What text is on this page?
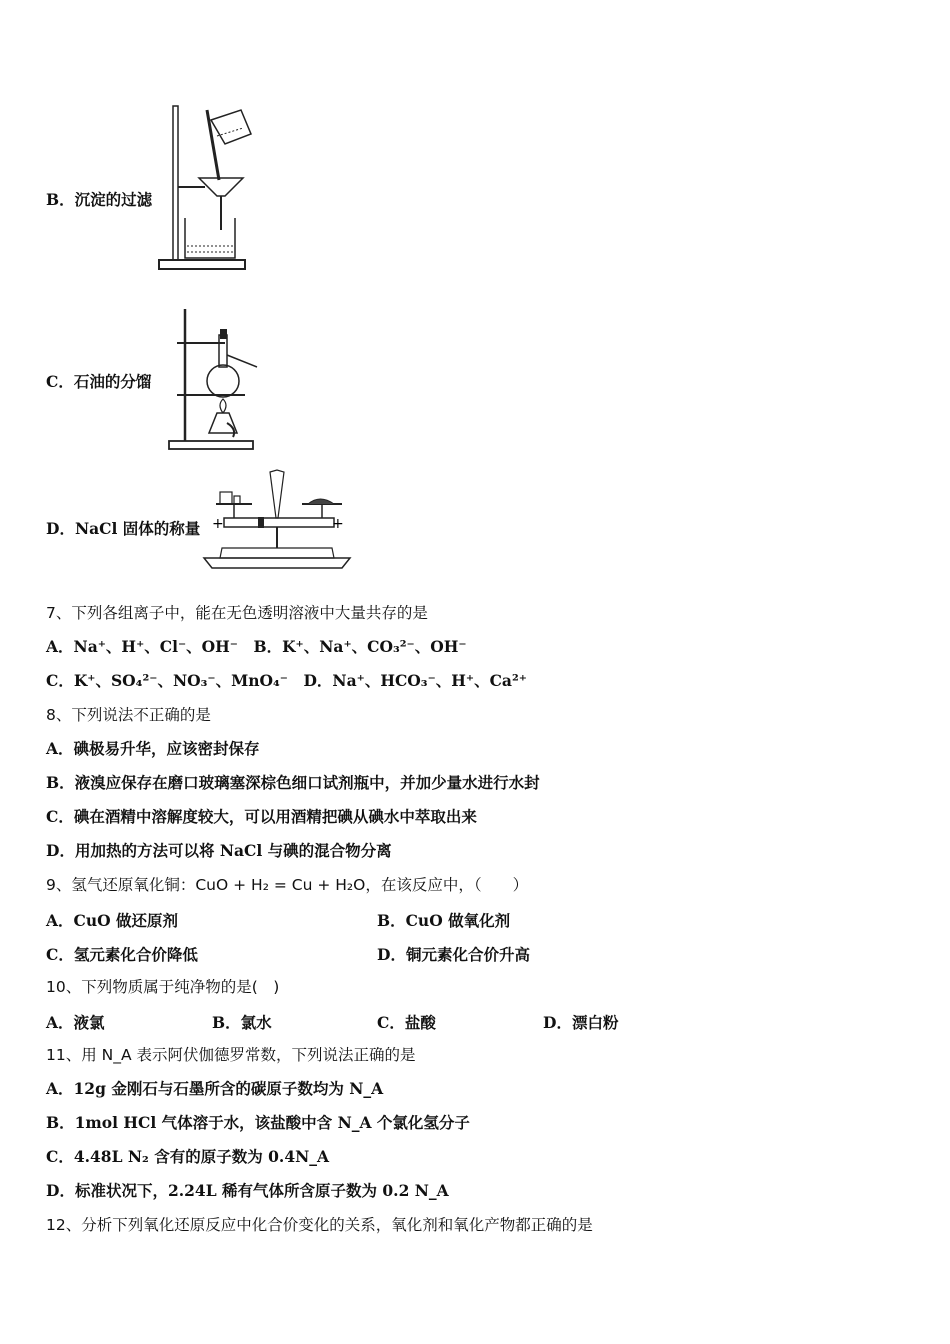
B．沉淀的过滤
C．石油的分馏
D．NaCl 固体的称量 +	+
7、下列各组离子中，能在无色透明溶液中大量共存的是
A．Na⁺、H⁺、Cl⁻、OH⁻　B．K⁺、Na⁺、CO₃²⁻、OH⁻
C．K⁺、SO₄²⁻、NO₃⁻、MnO₄⁻　D．Na⁺、HCO₃⁻、H⁺、Ca²⁺
8、下列说法不正确的是
A．碘极易升华，应该密封保存
B．液溴应保存在磨口玻璃塞深棕色细口试剂瓶中，并加少量水进行水封
C．碘在酒精中溶解度较大，可以用酒精把碘从碘水中萃取出来
D．用加热的方法可以将 NaCl 与碘的混合物分离
9、氢气还原氧化铜：CuO + H₂ = Cu + H₂O，在该反应中，（　　）
A．CuO 做还原剂	B．CuO 做氧化剂
C．氢元素化合价降低	D．铜元素化合价升高
10、下列物质属于纯净物的是(　)
A．液氯	B．氯水	C．盐酸	D．漂白粉
11、用 N_A 表示阿伏伽德罗常数，下列说法正确的是
A．12g 金刚石与石墨所含的碳原子数均为 N_A
B．1mol HCl 气体溶于水，该盐酸中含 N_A 个氯化氢分子
C．4.48L N₂ 含有的原子数为 0.4N_A
D．标准状况下，2.24L 稀有气体所含原子数为 0.2 N_A
12、分析下列氧化还原反应中化合价变化的关系，氧化剂和氧化产物都正确的是
